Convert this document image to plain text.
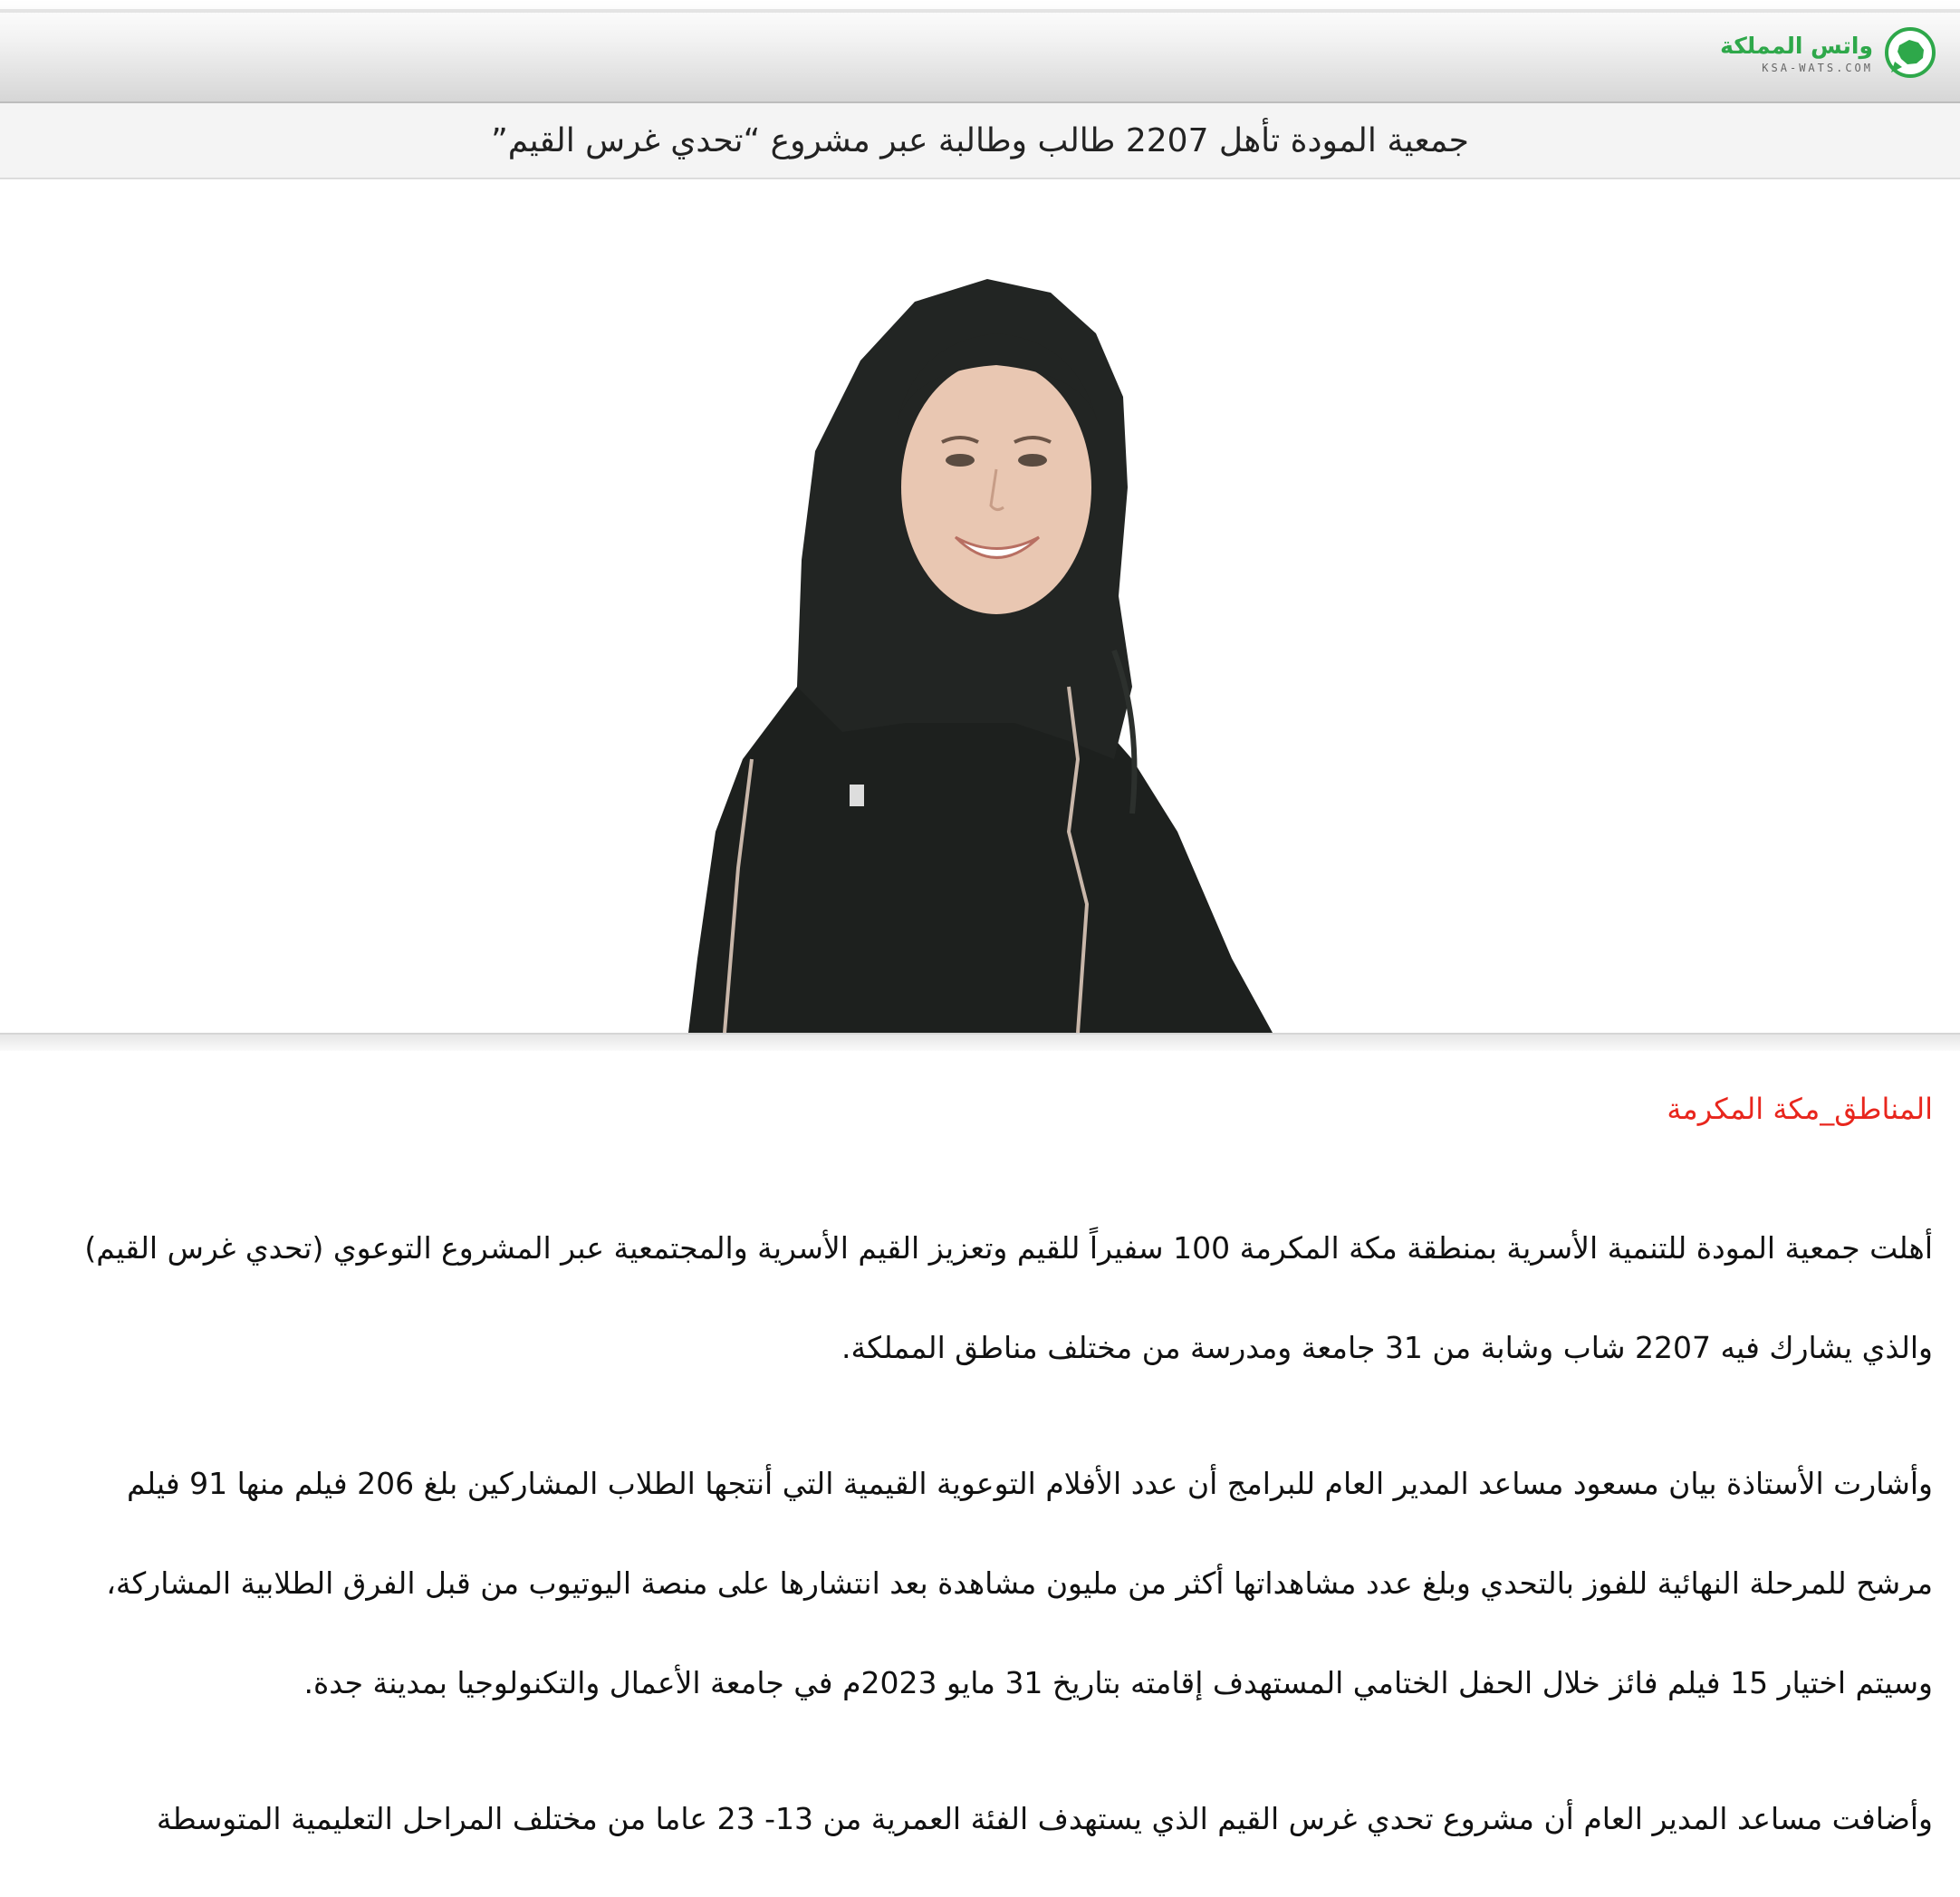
واتس المملكة
KSA-WATS.COM
جمعية المودة تأهل 2207 طالب وطالبة عبر مشروع “تحدي غرس القيم”
المناطق_مكة المكرمة

أهلت جمعية المودة للتنمية الأسرية بمنطقة مكة المكرمة 100 سفيراً للقيم وتعزيز القيم الأسرية والمجتمعية عبر المشروع التوعوي (تحدي غرس القيم)
والذي يشارك فيه 2207 شاب وشابة من 31 جامعة ومدرسة من مختلف مناطق المملكة.

وأشارت الأستاذة بيان مسعود مساعد المدير العام للبرامج أن عدد الأفلام التوعوية القيمية التي أنتجها الطلاب المشاركين بلغ 206 فيلم منها 91 فيلم
مرشح للمرحلة النهائية للفوز بالتحدي وبلغ عدد مشاهداتها أكثر من مليون مشاهدة بعد انتشارها على منصة اليوتيوب من قبل الفرق الطلابية المشاركة،
وسيتم اختيار 15 فيلم فائز خلال الحفل الختامي المستهدف إقامته بتاريخ 31 مايو 2023م في جامعة الأعمال والتكنولوجيا بمدينة جدة.

وأضافت مساعد المدير العام أن مشروع تحدي غرس القيم الذي يستهدف الفئة العمرية من 13- 23 عاما من مختلف المراحل التعليمية المتوسطة
